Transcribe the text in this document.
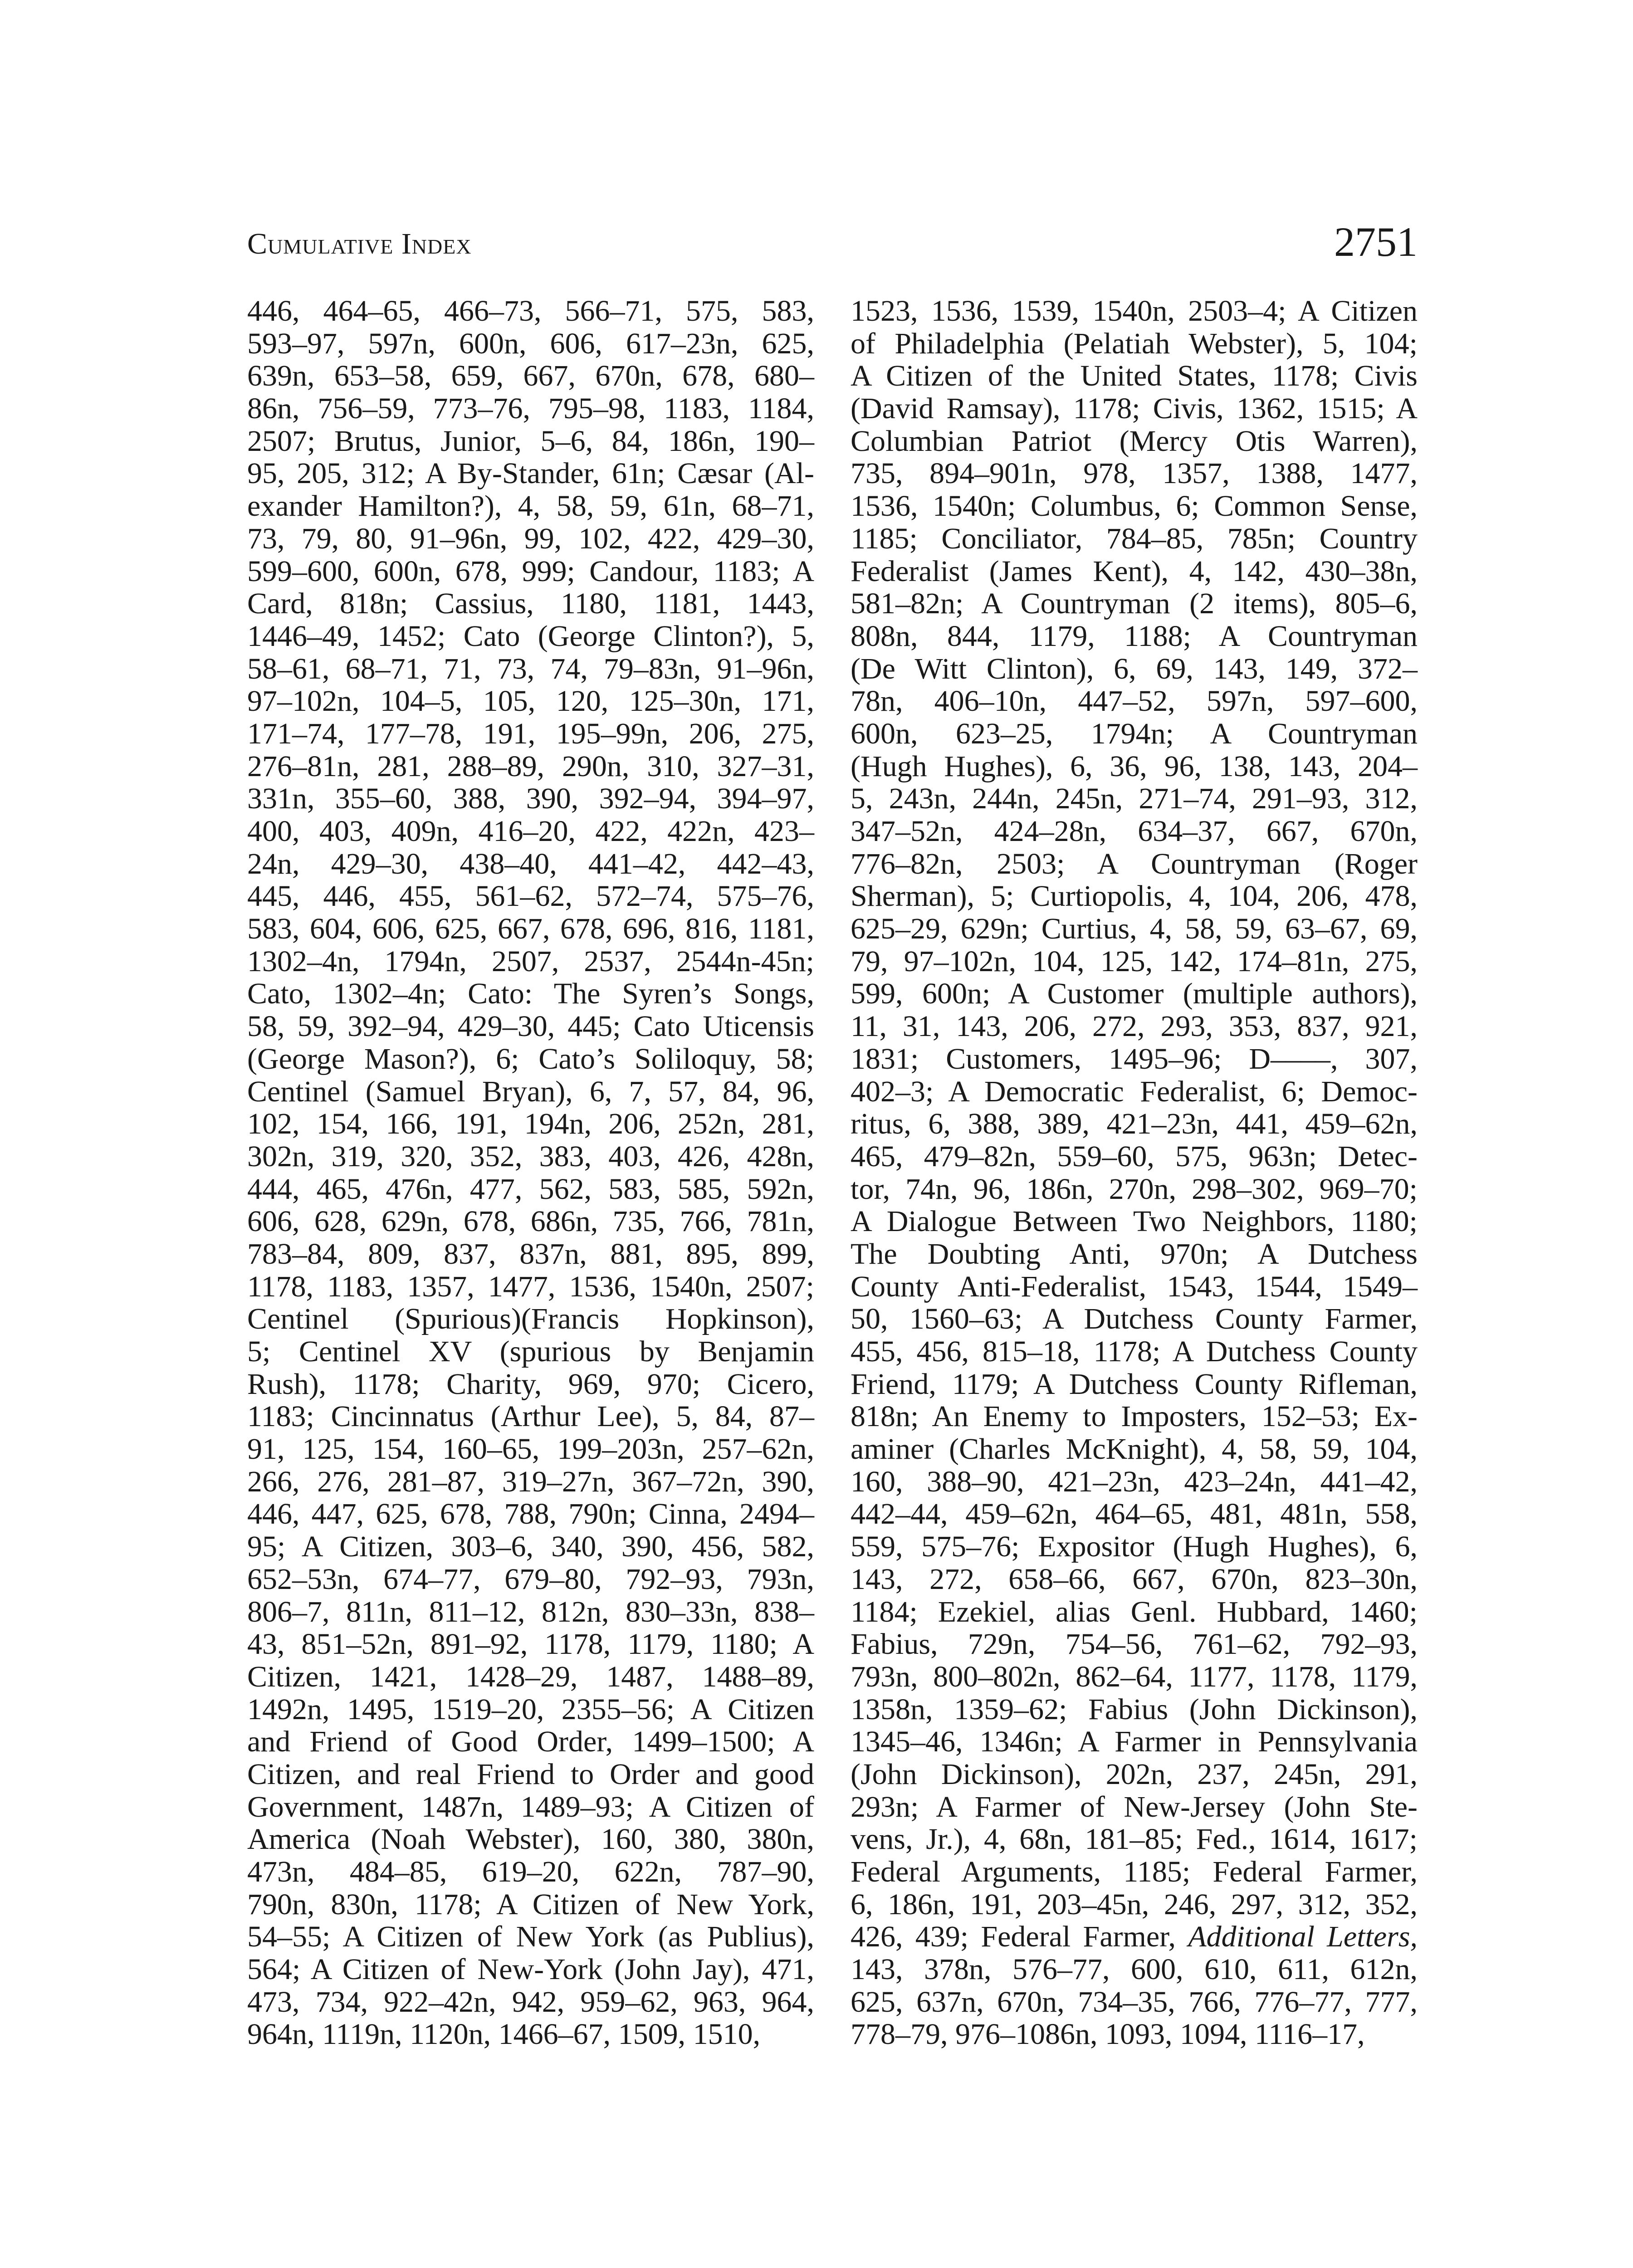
Cumulative Index	2751
446, 464–65, 466–73, 566–71, 575, 583,
593–97, 597n, 600n, 606, 617–23n, 625,
639n, 653–58, 659, 667, 670n, 678, 680–
86n, 756–59, 773–76, 795–98, 1183, 1184,
2507; Brutus, Junior, 5–6, 84, 186n, 190–
95, 205, 312; A By-Stander, 61n; Cæsar (Al-
exander Hamilton?), 4, 58, 59, 61n, 68–71,
73, 79, 80, 91–96n, 99, 102, 422, 429–30,
599–600, 600n, 678, 999; Candour, 1183; A
Card, 818n; Cassius, 1180, 1181, 1443,
1446–49, 1452; Cato (George Clinton?), 5,
58–61, 68–71, 71, 73, 74, 79–83n, 91–96n,
97–102n, 104–5, 105, 120, 125–30n, 171,
171–74, 177–78, 191, 195–99n, 206, 275,
276–81n, 281, 288–89, 290n, 310, 327–31,
331n, 355–60, 388, 390, 392–94, 394–97,
400, 403, 409n, 416–20, 422, 422n, 423–
24n, 429–30, 438–40, 441–42, 442–43,
445, 446, 455, 561–62, 572–74, 575–76,
583, 604, 606, 625, 667, 678, 696, 816, 1181,
1302–4n, 1794n, 2507, 2537, 2544n-45n;
Cato, 1302–4n; Cato: The Syren’s Songs,
58, 59, 392–94, 429–30, 445; Cato Uticensis
(George Mason?), 6; Cato’s Soliloquy, 58;
Centinel (Samuel Bryan), 6, 7, 57, 84, 96,
102, 154, 166, 191, 194n, 206, 252n, 281,
302n, 319, 320, 352, 383, 403, 426, 428n,
444, 465, 476n, 477, 562, 583, 585, 592n,
606, 628, 629n, 678, 686n, 735, 766, 781n,
783–84, 809, 837, 837n, 881, 895, 899,
1178, 1183, 1357, 1477, 1536, 1540n, 2507;
Centinel (Spurious)(Francis Hopkinson),
5; Centinel XV (spurious by Benjamin
Rush), 1178; Charity, 969, 970; Cicero,
1183; Cincinnatus (Arthur Lee), 5, 84, 87–
91, 125, 154, 160–65, 199–203n, 257–62n,
266, 276, 281–87, 319–27n, 367–72n, 390,
446, 447, 625, 678, 788, 790n; Cinna, 2494–
95; A Citizen, 303–6, 340, 390, 456, 582,
652–53n, 674–77, 679–80, 792–93, 793n,
806–7, 811n, 811–12, 812n, 830–33n, 838–
43, 851–52n, 891–92, 1178, 1179, 1180; A
Citizen, 1421, 1428–29, 1487, 1488–89,
1492n, 1495, 1519–20, 2355–56; A Citizen
and Friend of Good Order, 1499–1500; A
Citizen, and real Friend to Order and good
Government, 1487n, 1489–93; A Citizen of
America (Noah Webster), 160, 380, 380n,
473n, 484–85, 619–20, 622n, 787–90,
790n, 830n, 1178; A Citizen of New York,
54–55; A Citizen of New York (as Publius),
564; A Citizen of New-York (John Jay), 471,
473, 734, 922–42n, 942, 959–62, 963, 964,
964n, 1119n, 1120n, 1466–67, 1509, 1510,
1523, 1536, 1539, 1540n, 2503–4; A Citizen
of Philadelphia (Pelatiah Webster), 5, 104;
A Citizen of the United States, 1178; Civis
(David Ramsay), 1178; Civis, 1362, 1515; A
Columbian Patriot (Mercy Otis Warren),
735, 894–901n, 978, 1357, 1388, 1477,
1536, 1540n; Columbus, 6; Common Sense,
1185; Conciliator, 784–85, 785n; Country
Federalist (James Kent), 4, 142, 430–38n,
581–82n; A Countryman (2 items), 805–6,
808n, 844, 1179, 1188; A Countryman
(De Witt Clinton), 6, 69, 143, 149, 372–
78n, 406–10n, 447–52, 597n, 597–600,
600n, 623–25, 1794n; A Countryman
(Hugh Hughes), 6, 36, 96, 138, 143, 204–
5, 243n, 244n, 245n, 271–74, 291–93, 312,
347–52n, 424–28n, 634–37, 667, 670n,
776–82n, 2503; A Countryman (Roger
Sherman), 5; Curtiopolis, 4, 104, 206, 478,
625–29, 629n; Curtius, 4, 58, 59, 63–67, 69,
79, 97–102n, 104, 125, 142, 174–81n, 275,
599, 600n; A Customer (multiple authors),
11, 31, 143, 206, 272, 293, 353, 837, 921,
1831; Customers, 1495–96; D––––, 307,
402–3; A Democratic Federalist, 6; Democ-
ritus, 6, 388, 389, 421–23n, 441, 459–62n,
465, 479–82n, 559–60, 575, 963n; Detec-
tor, 74n, 96, 186n, 270n, 298–302, 969–70;
A Dialogue Between Two Neighbors, 1180;
The Doubting Anti, 970n; A Dutchess
County Anti-Federalist, 1543, 1544, 1549–
50, 1560–63; A Dutchess County Farmer,
455, 456, 815–18, 1178; A Dutchess County
Friend, 1179; A Dutchess County Rifleman,
818n; An Enemy to Imposters, 152–53; Ex-
aminer (Charles McKnight), 4, 58, 59, 104,
160, 388–90, 421–23n, 423–24n, 441–42,
442–44, 459–62n, 464–65, 481, 481n, 558,
559, 575–76; Expositor (Hugh Hughes), 6,
143, 272, 658–66, 667, 670n, 823–30n,
1184; Ezekiel, alias Genl. Hubbard, 1460;
Fabius, 729n, 754–56, 761–62, 792–93,
793n, 800–802n, 862–64, 1177, 1178, 1179,
1358n, 1359–62; Fabius (John Dickinson),
1345–46, 1346n; A Farmer in Pennsylvania
(John Dickinson), 202n, 237, 245n, 291,
293n; A Farmer of New-Jersey (John Ste-
vens, Jr.), 4, 68n, 181–85; Fed., 1614, 1617;
Federal Arguments, 1185; Federal Farmer,
6, 186n, 191, 203–45n, 246, 297, 312, 352,
426, 439; Federal Farmer, Additional Letters,
143, 378n, 576–77, 600, 610, 611, 612n,
625, 637n, 670n, 734–35, 766, 776–77, 777,
778–79, 976–1086n, 1093, 1094, 1116–17,
